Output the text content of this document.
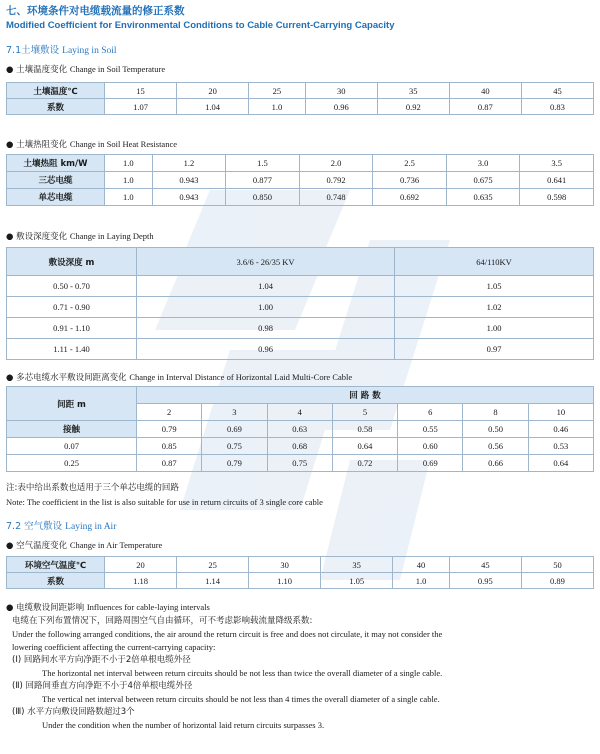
七、环境条件对电缆载流量的修正系数
Modified Coefficient for Environmental Conditions to Cable Current-Carrying Capacity
7.1土壤敷设 Laying in Soil
● 土壤温度变化 Change in Soil Temperature
土壤温度℃	15	20	25	30	35	40	45
系数	1.07	1.04	1.0	0.96	0.92	0.87	0.83
● 土壤热阻变化 Change in Soil Heat Resistance
土壤热阻 km/W	1.0	1.2	1.5	2.0	2.5	3.0	3.5
三芯电缆	1.0	0.943	0.877	0.792	0.736	0.675	0.641
单芯电缆	1.0	0.943	0.850	0.748	0.692	0.635	0.598
● 敷设深度变化 Change in Laying Depth
敷设深度 m	3.6/6 - 26/35 KV	64/110KV
0.50 - 0.70	1.04	1.05
0.71 - 0.90	1.00	1.02
0.91 - 1.10	0.98	1.00
1.11 - 1.40	0.96	0.97
● 多芯电缆水平敷设间距离变化 Change in Interval Distance of Horizontal Laid Multi-Core Cable
间距 m	回 路 数						
	2	3	4	5	6	8	10
接触	0.79	0.69	0.63	0.58	0.55	0.50	0.46
0.07	0.85	0.75	0.68	0.64	0.60	0.56	0.53
0.25	0.87	0.79	0.75	0.72	0.69	0.66	0.64
注:表中给出系数也适用于三个单芯电缆的回路
Note: The coefficient in the list is also suitable for use in return circuits of 3 single core cable
7.2 空气敷设 Laying in Air
● 空气温度变化 Change in Air Temperature
环境空气温度℃	20	25	30	35	40	45	50
系数	1.18	1.14	1.10	1.05	1.0	0.95	0.89
● 电缆敷设间距影响 Influences for cable-laying intervals
电缆在下列布置情况下，回路周围空气自由循环，可不考虑影响载流量降级系数:
Under the following arranged conditions, the air around the return circuit is free and does not circulate, it may not consider the
lowering coefficient affecting the current-carrying capacity:
(Ⅰ) 回路间水平方向净距不小于2倍单根电缆外径
The horizontal net interval between return circuits should be not less than twice the overall diameter of a single cable.
(Ⅱ) 回路间垂直方向净距不小于4倍单根电缆外径
The vertical net interval between return circuits should be not less than 4 times the overall diameter of a single cable.
(Ⅲ) 水平方向敷设回路数超过3个
Under the condition when the number of horizontal laid return circuits surpasses 3.
